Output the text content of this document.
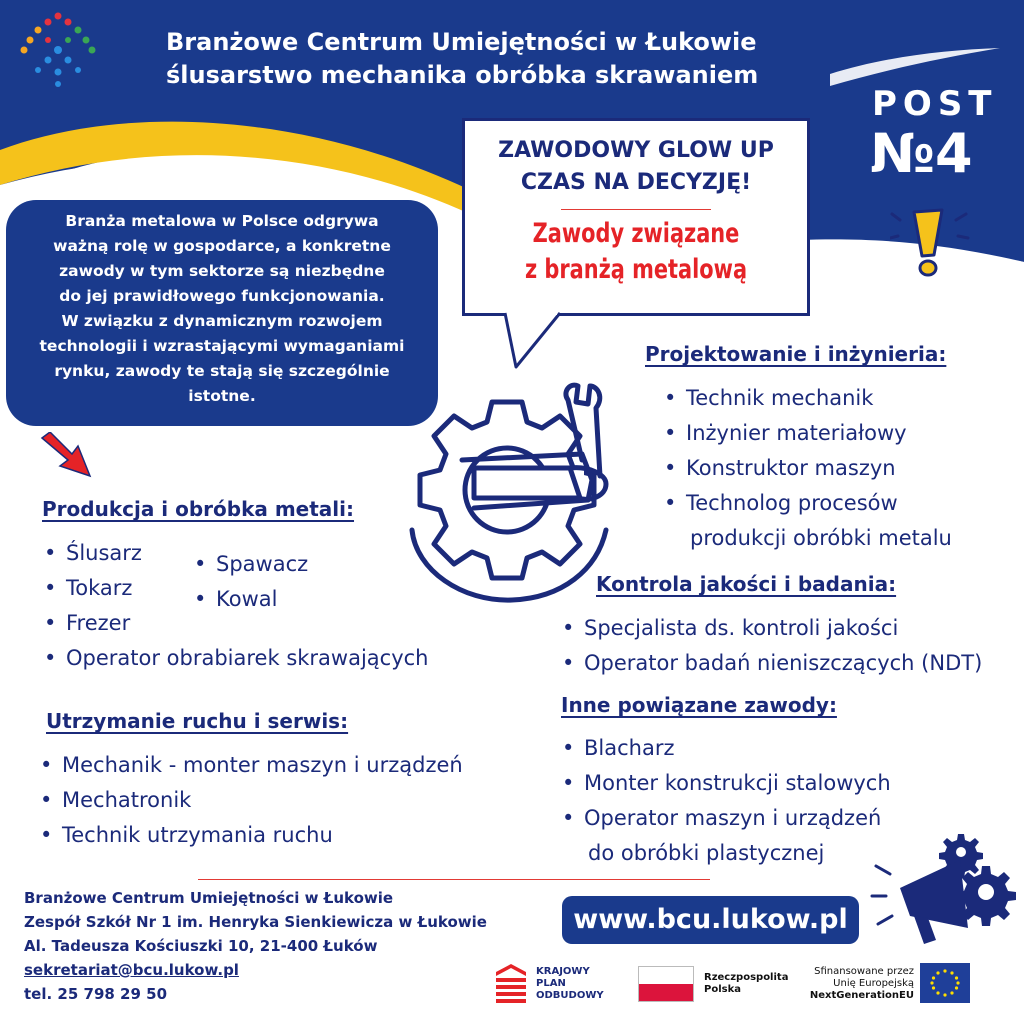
Branżowe Centrum Umiejętności w Łukowie
ślusarstwo mechanika obróbka skrawaniem
POST
№4
ZAWODOWY GLOW UP
CZAS NA DECYZJĘ!
Zawody związane
z branżą metalową
Branża metalowa w Polsce odgrywa
ważną rolę w gospodarce, a konkretne
zawody w tym sektorze są niezbędne
do jej prawidłowego funkcjonowania.
W związku z dynamicznym rozwojem
technologii i wzrastającymi wymaganiami
rynku, zawody te stają się szczególnie
istotne.
Projektowanie i inżynieria:
• Technik mechanik
• Inżynier materiałowy
• Konstruktor maszyn
• Technolog procesów
produkcji obróbki metalu
Produkcja i obróbka metali:
• Ślusarz
• Tokarz
• Frezer
• Operator obrabiarek skrawających
• Spawacz
• Kowal
Kontrola jakości i badania:
• Specjalista ds. kontroli jakości
• Operator badań nieniszczących (NDT)
Inne powiązane zawody:
• Blacharz
• Monter konstrukcji stalowych
• Operator maszyn i urządzeń
do obróbki plastycznej
Utrzymanie ruchu i serwis:
• Mechanik - monter maszyn i urządzeń
• Mechatronik
• Technik utrzymania ruchu
Branżowe Centrum Umiejętności w Łukowie
Zespół Szkół Nr 1 im. Henryka Sienkiewicza w Łukowie
Al. Tadeusza Kościuszki 10, 21-400 Łuków
sekretariat@bcu.lukow.pl
tel. 25 798 29 50
www.bcu.lukow.pl
KRAJOWY
PLAN
ODBUDOWY
Rzeczpospolita
Polska
Sfinansowane przez
Unię Europejską
NextGenerationEU
